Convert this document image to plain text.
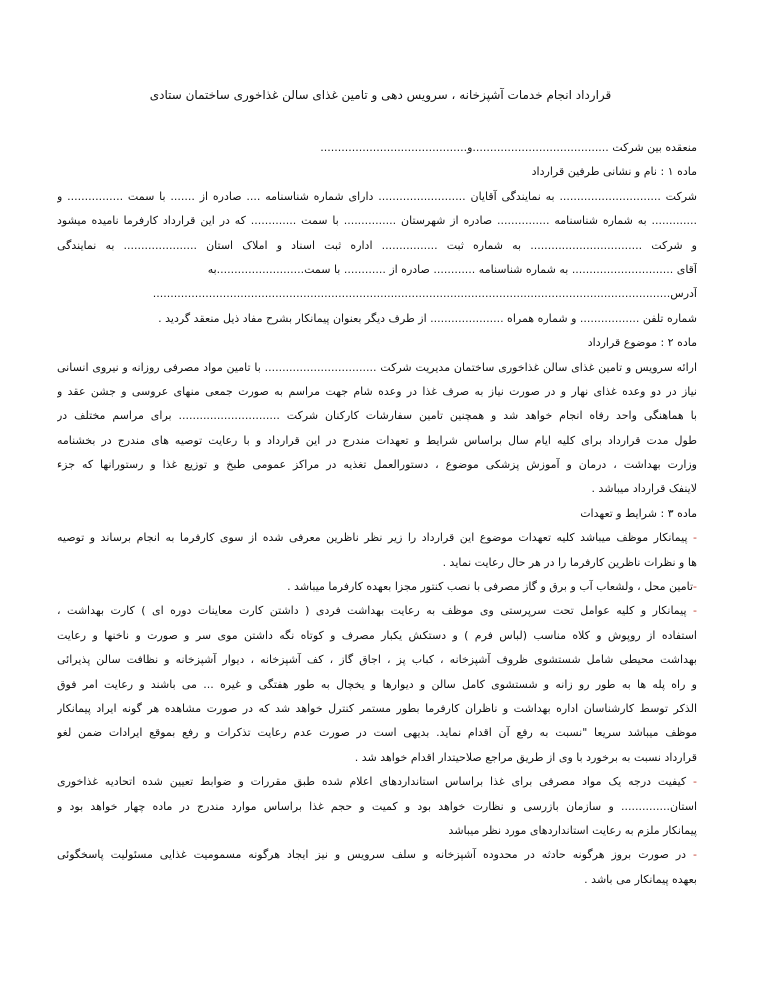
قرارداد انجام خدمات آشپزخانه ، سرویس دهی و تامین غذای سالن غذاخوری ساختمان ستادی
منعقده بین شرکت .......................................و..........................................
ماده ۱ : نام و نشانی طرفین قرارداد
شرکت ............................. به نمایندگی آقایان ......................... دارای شماره شناسنامه .... صادره از ....... با سمت ................ و
............. به شماره شناسنامه ............... صادره از شهرستان ............... با سمت ............. که در این قرارداد کارفرما نامیده میشود
و شرکت ................................ به شماره ثبت ................ اداره ثبت اسناد و املاک استان ..................... به نمایندگی
آقای ............................. به شماره شناسنامه ............ صادره از ............ با سمت.........................به
آدرس....................................................................................................................................................
شماره تلفن ................. و شماره همراه ..................... از طرف دیگر بعنوان پیمانکار بشرح مفاد ذیل منعقد گردید .
ماده ۲ : موضوع قرارداد
ارائه سرویس و تامین غذای سالن غذاخوری ساختمان مدیریت شرکت ................................ با تامین مواد مصرفی روزانه و نیروی انسانی
نیاز در دو وعده غذای نهار و در صورت نیاز به صرف غذا در وعده شام جهت مراسم به صورت جمعی منهای عروسی و جشن عقد و
با هماهنگی واحد رفاه انجام خواهد شد و همچنین تامین سفارشات کارکنان شرکت ............................. برای مراسم مختلف در
طول مدت قرارداد برای کلیه ایام سال براساس شرایط و تعهدات مندرج در این قرارداد و با رعایت توصیه های مندرج در بخشنامه
وزارت بهداشت ، درمان و آموزش پزشکی موضوع ، دستورالعمل تغذیه در مراکز عمومی طبخ و توزیع غذا و رستورانها که جزء
لاینفک قرارداد میباشد .
ماده ۳ : شرایط و تعهدات
- پیمانکار موظف میباشد کلیه تعهدات موضوع این قرارداد را زیر نظر ناظرین معرفی شده از سوی کارفرما به انجام برساند و توصیه
ها و نظرات ناظرین کارفرما را در هر حال رعایت نماید .
-تامین محل ، ولشعاب آب و برق و گاز مصرفی با نصب کنتور مجزا بعهده کارفرما میباشد .
- پیمانکار و کلیه عوامل تحت سرپرستی وی موظف به رعایت بهداشت فردی ( داشتن کارت معاینات دوره ای ) کارت بهداشت ،
استفاده از روپوش و کلاه مناسب (لباس فرم ) و دستکش یکبار مصرف و کوتاه نگه داشتن موی سر و صورت و ناخنها و رعایت
بهداشت محیطی شامل شستشوی ظروف آشپزخانه ، کباب پز ، اجاق گاز ، کف آشپزخانه ، دیوار آشپزخانه و نظافت سالن پذیرائی
و راه پله ها به طور رو زانه و شستشوی کامل سالن و دیوارها و یخچال به طور هفتگی و غیره ... می باشند و رعایت امر فوق
الذکر توسط کارشناسان اداره بهداشت و ناظران کارفرما بطور مستمر کنترل خواهد شد که در صورت مشاهده هر گونه ایراد پیمانکار
موظف میباشد سریعا "نسبت به رفع آن اقدام نماید. بدیهی است در صورت عدم رعایت تذکرات و رفع بموقع ایرادات ضمن لغو
قرارداد نسبت به برخورد با وی از طریق مراجع صلاحیتدار اقدام خواهد شد .
- کیفیت درجه یک مواد مصرفی برای غذا براساس استانداردهای اعلام شده طبق مقررات و ضوابط تعیین شده اتحادیه غذاخوری
استان.............. و سازمان بازرسی و نظارت خواهد بود و کمیت و حجم غذا براساس موارد مندرج در ماده چهار خواهد بود و
پیمانکار ملزم به رعایت استانداردهای مورد نظر میباشد
- در صورت بروز هرگونه حادثه در محدوده آشپزخانه و سلف سرویس و نیز ایجاد هرگونه مسمومیت غذایی مسئولیت پاسخگوئی
بعهده پیمانکار می باشد .
